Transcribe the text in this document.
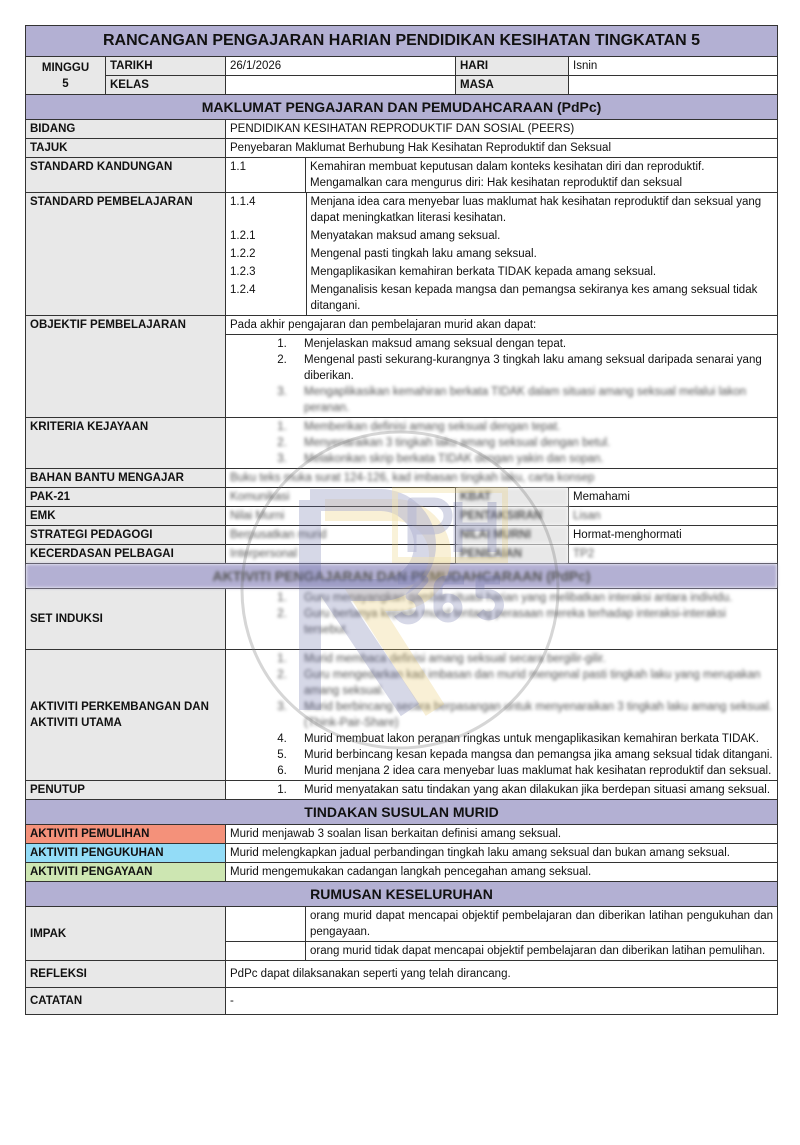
RANCANGAN PENGAJARAN HARIAN PENDIDIKAN KESIHATAN TINGKATAN 5

MINGGU
5
	TARIKH	26/1/2026	HARI	Isnin
KELAS		MASA	
MAKLUMAT PENGAJARAN DAN PEMUDAHCARAAN (PdPc)
BIDANG	PENDIDIKAN KESIHATAN REPRODUKTIF DAN SOSIAL (PEERS)
TAJUK	Penyebaran Maklumat Berhubung Hak Kesihatan Reproduktif dan Seksual
STANDARD KANDUNGAN	1.1	Kemahiran membuat keputusan dalam konteks kesihatan diri dan reproduktif.
Mengamalkan cara mengurus diri: Hak kesihatan reproduktif dan seksual

STANDARD PEMBELAJARAN		1.1.4	Menjana idea cara menyebar luas maklumat hak kesihatan reproduktif dan seksual yang dapat meningkatkan literasi kesihatan.
1.2.1	Menyatakan maksud amang seksual.
1.2.2	Mengenal pasti tingkah laku amang seksual.
1.2.3	Mengaplikasikan kemahiran berkata TIDAK kepada amang seksual.
1.2.4	Menganalisis kesan kepada mangsa dan pemangsa sekiranya kes amang seksual tidak ditangani.

OBJEKTIF PEMBELAJARAN	Pada akhir pengajaran dan pembelajaran murid akan dapat:

1. Menjelaskan maksud amang seksual dengan tepat.
2. Mengenal pasti sekurang-kurangnya 3 tingkah laku amang seksual daripada senarai yang diberikan.
3. Mengaplikasikan kemahiran berkata TIDAK dalam situasi amang seksual melalui lakon peranan.

KRITERIA KEJAYAAN	
1.Memberikan definisi amang seksual dengan tepat.
2. Menyenaraikan 3 tingkah laku amang seksual dengan betul.
3. Melakonkan skrip berkata TIDAK dengan yakin dan sopan.

BAHAN BANTU MENGAJAR	Buku teks muka surat 124-126, kad imbasan tingkah laku, carta konsep
PAK-21	Komunikasi	KBAT	Memahami
EMK	Nilai Murni	PENTAKSIRAN	Lisan
STRATEGI PEDAGOGI	Berpusatkan murid	NILAI MURNI	Hormat-menghormati
KECERDASAN PELBAGAI	Interpersonal	PENILAIAN	TP2
AKTIVITI PENGAJARAN DAN PEMUDAHCARAAN (PdPc)
SET INDUKSI	
1. Guru menayangkan gambar situasi harian yang melibatkan interaksi antara individu.
2. Guru bertanya kepada murid tentang perasaan mereka terhadap interaksi-interaksi tersebut.

AKTIVITI PERKEMBANGAN DAN AKTIVITI UTAMA	
1. Murid membaca definisi amang seksual secara bergilir-gilir.
2. Guru mengedarkan kad imbasan dan murid mengenal pasti tingkah laku yang merupakan amang seksual.
3. Murid berbincang secara berpasangan untuk menyenaraikan 3 tingkah laku amang seksual. (Think-Pair-Share)
4. Murid membuat lakon peranan ringkas untuk mengaplikasikan kemahiran berkata TIDAK.
5. Murid berbincang kesan kepada mangsa dan pemangsa jika amang seksual tidak ditangani.
6. Murid menjana 2 idea cara menyebar luas maklumat hak kesihatan reproduktif dan seksual.

PENUTUP	
1.Murid menyatakan satu tindakan yang akan dilakukan jika berdepan situasi amang seksual.

TINDAKAN SUSULAN MURID
AKTIVITI PEMULIHAN	Murid menjawab 3 soalan lisan berkaitan definisi amang seksual.
AKTIVITI PENGUKUHAN	Murid melengkapkan jadual perbandingan tingkah laku amang seksual dan bukan amang seksual.
AKTIVITI PENGAYAAN	Murid mengemukakan cadangan langkah pencegahan amang seksual.
RUMUSAN KESELURUHAN
IMPAK		orang murid dapat mencapai objektif pembelajaran dan diberikan latihan pengukuhan dan pengayaan.
	orang murid tidak dapat mencapai objektif pembelajaran dan diberikan latihan pemulihan.
REFLEKSI	PdPc dapat dilaksanakan seperti yang telah dirancang.
CATATAN	-
